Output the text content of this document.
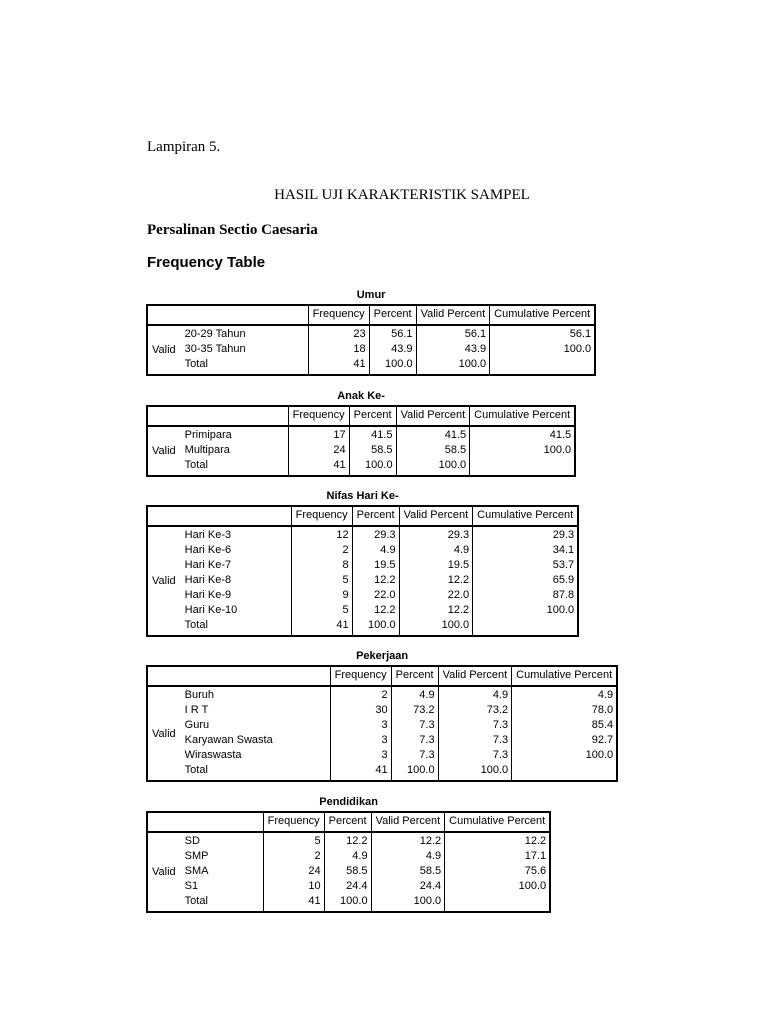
Lampiran 5.
HASIL UJI KARAKTERISTIK SAMPEL
Persalinan Sectio Caesaria
Frequency Table
Umur
		Frequency	Percent	Valid Percent	Cumulative Percent
Valid	20-29 Tahun	23	56.1	56.1	56.1
	30-35 Tahun	18	43.9	43.9	100.0
	Total	41	100.0	100.0	
Anak Ke-
		Frequency	Percent	Valid Percent	Cumulative Percent
Valid	Primipara	17	41.5	41.5	41.5
	Multipara	24	58.5	58.5	100.0
	Total	41	100.0	100.0	
Nifas Hari Ke-
		Frequency	Percent	Valid Percent	Cumulative Percent
Valid	Hari Ke-3	12	29.3	29.3	29.3
	Hari Ke-6	2	4.9	4.9	34.1
	Hari Ke-7	8	19.5	19.5	53.7
	Hari Ke-8	5	12.2	12.2	65.9
	Hari Ke-9	9	22.0	22.0	87.8
	Hari Ke-10	5	12.2	12.2	100.0
	Total	41	100.0	100.0	
Pekerjaan
		Frequency	Percent	Valid Percent	Cumulative Percent
Valid	Buruh	2	4.9	4.9	4.9
	I R T	30	73.2	73.2	78.0
	Guru	3	7.3	7.3	85.4
	Karyawan Swasta	3	7.3	7.3	92.7
	Wiraswasta	3	7.3	7.3	100.0
	Total	41	100.0	100.0	
Pendidikan
		Frequency	Percent	Valid Percent	Cumulative Percent
Valid	SD	5	12.2	12.2	12.2
	SMP	2	4.9	4.9	17.1
	SMA	24	58.5	58.5	75.6
	S1	10	24.4	24.4	100.0
	Total	41	100.0	100.0	
